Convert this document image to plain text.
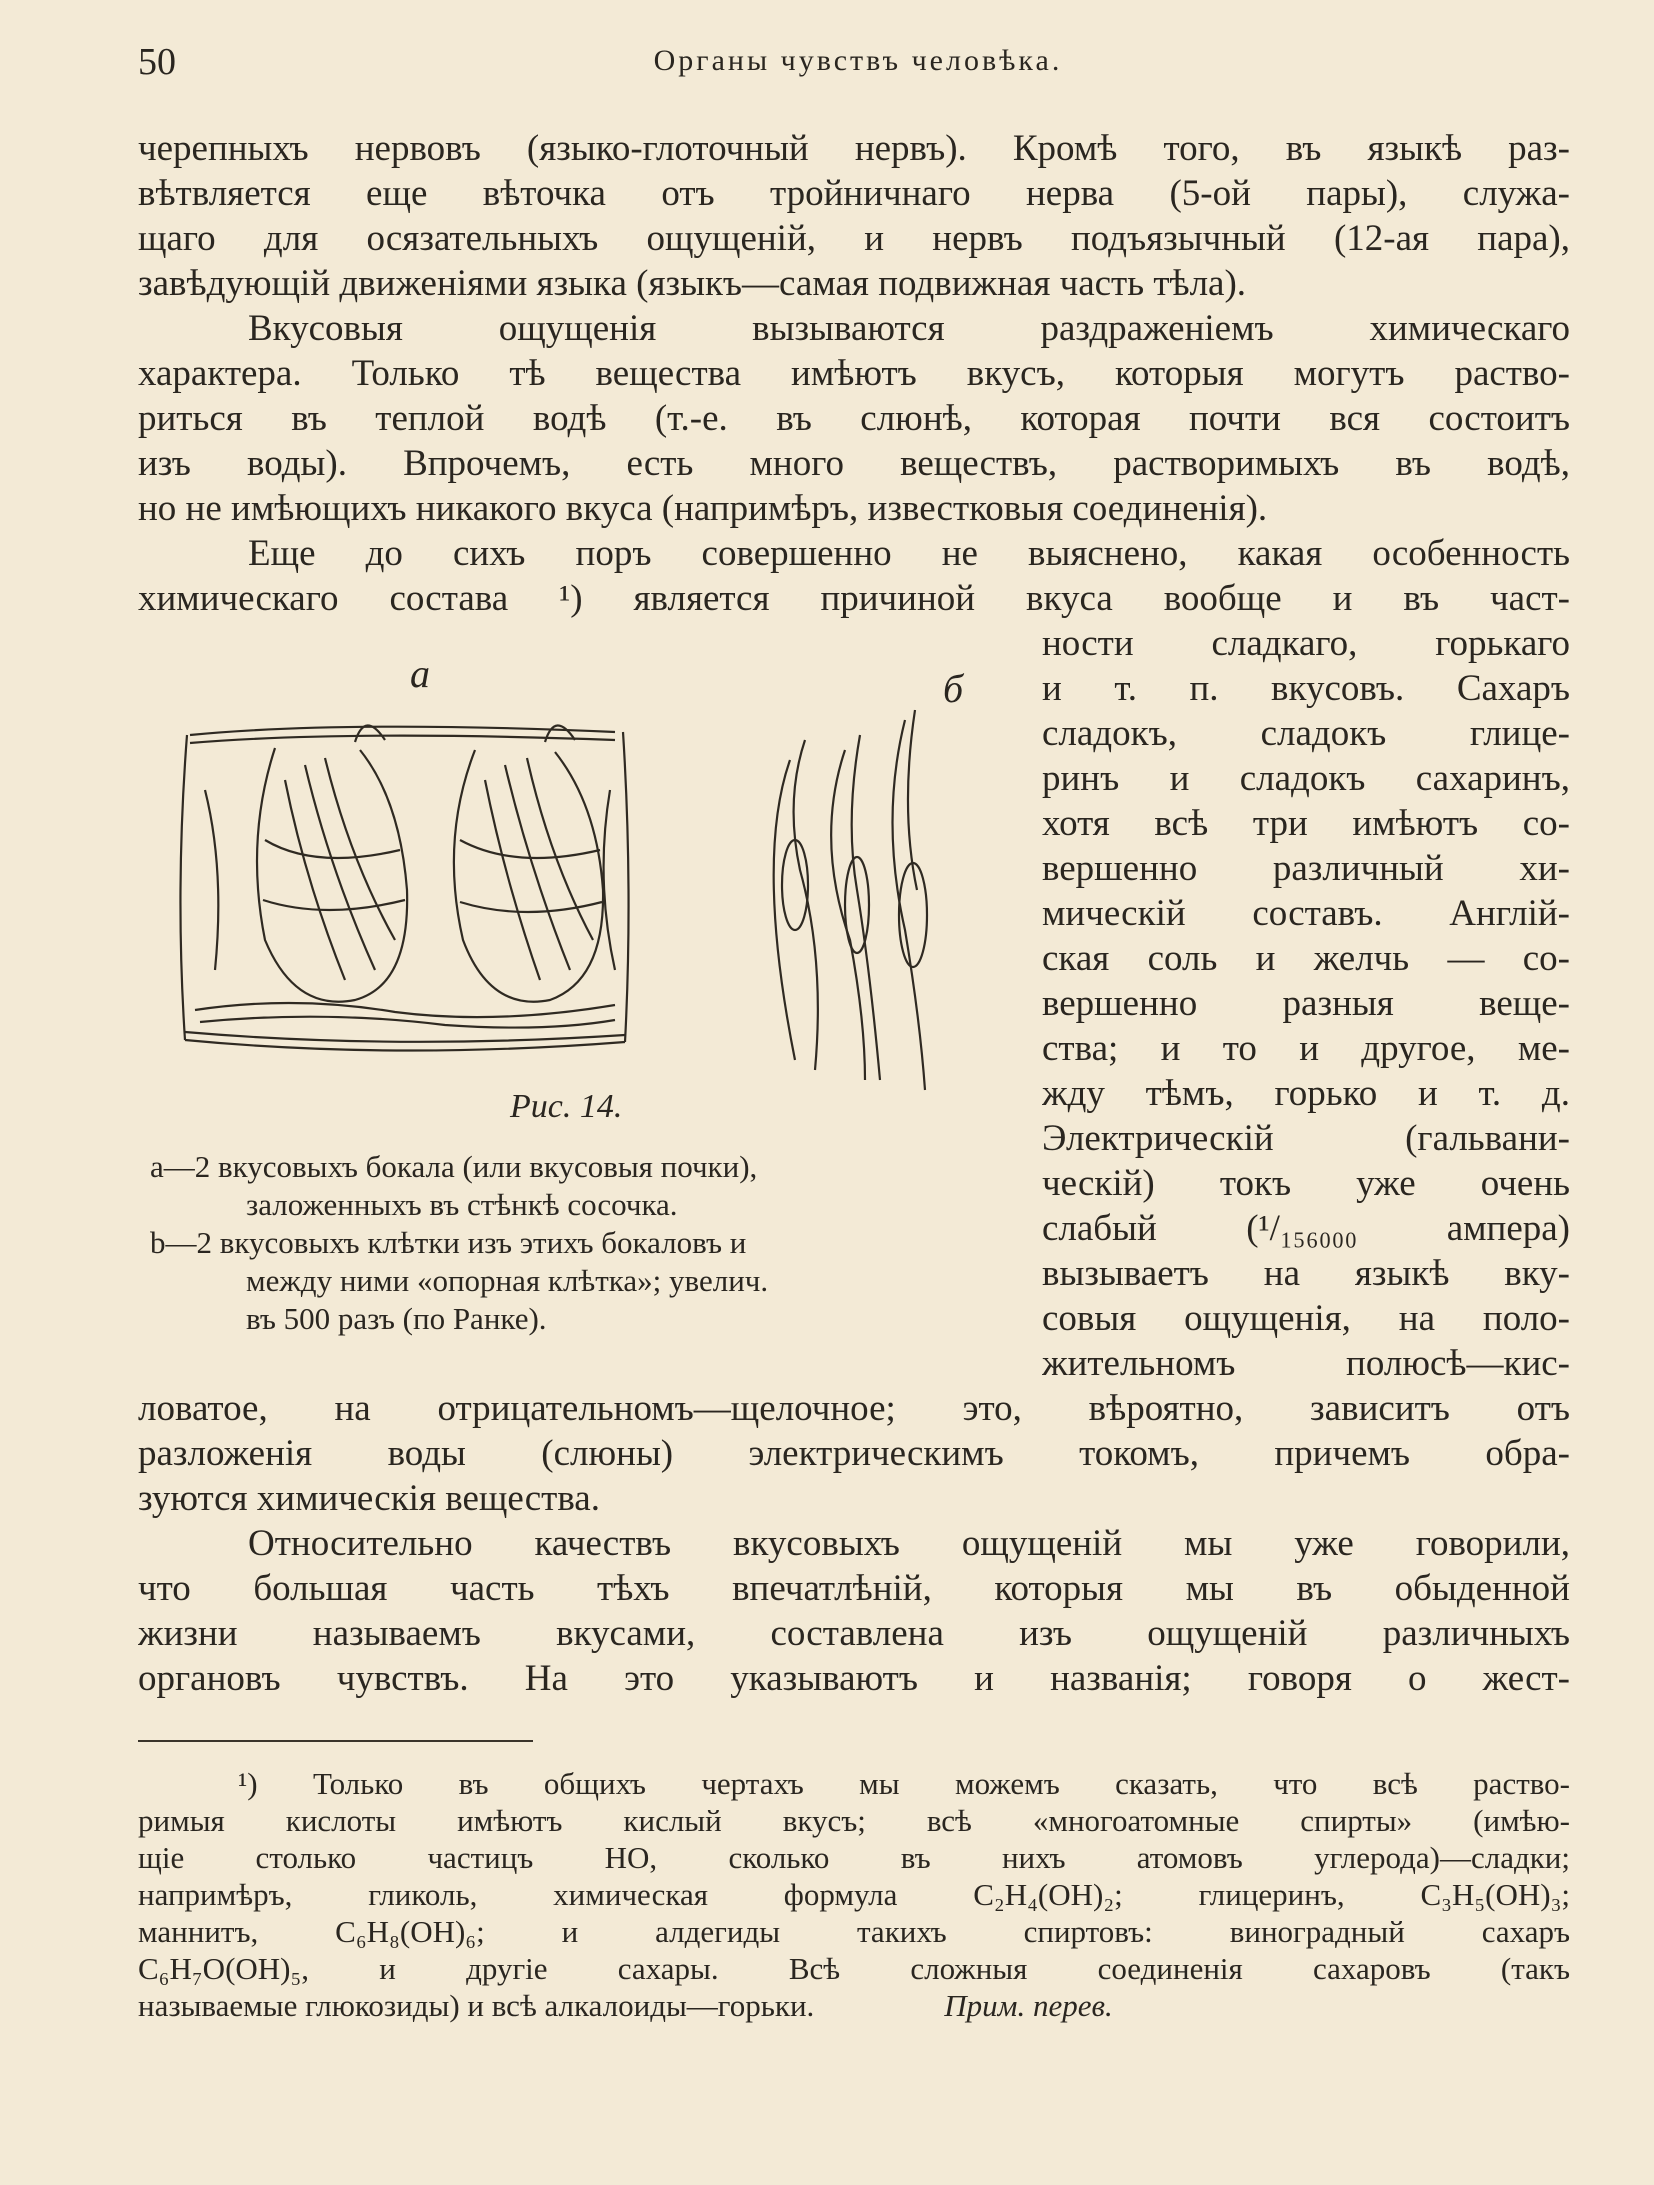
50	Органы чувствъ человѣка.
черепныхъ нервовъ (языко-глоточный нервъ). Кромѣ того, въ языкѣ раз-
вѣтвляется еще вѣточка отъ тройничнаго нерва (5-ой пары), служа-
щаго для осязательныхъ ощущеній, и нервъ подъязычный (12-ая пара),
завѣдующій движеніями языка (языкъ—самая подвижная часть тѣла).
Вкусовыя ощущенія вызываются раздраженіемъ химическаго
характера. Только тѣ вещества имѣютъ вкусъ, которыя могутъ раство-
риться въ теплой водѣ (т.-е. въ слюнѣ, которая почти вся состоитъ
изъ воды). Впрочемъ, есть много веществъ, растворимыхъ въ водѣ,
но не имѣющихъ никакого вкуса (напримѣръ, известковыя соединенія).
Еще до сихъ поръ совершенно не выяснено, какая особенность
химическаго состава ¹) является причиной вкуса вообще и въ част-
ности сладкаго, горькаго
и т. п. вкусовъ. Сахаръ
сладокъ, сладокъ глице-
ринъ и сладокъ сахаринъ,
хотя всѣ три имѣютъ со-
вершенно различный хи-
мическій составъ. Англій-
ская соль и желчь — со-
вершенно разныя веще-
ства; и то и другое, ме-
жду тѣмъ, горько и т. д.
Электрическій (гальвани-
ческій) токъ уже очень
слабый (¹/₁₅₆₀₀₀ ампера)
вызываетъ на языкѣ вку-
совыя ощущенія, на поло-
жительномъ полюсѣ—кис-
а	б
Рис. 14.
a—2 вкусовыхъ бокала (или вкусовыя почки),
заложенныхъ въ стѣнкѣ сосочка.
b—2 вкусовыхъ клѣтки изъ этихъ бокаловъ и
между ними «опорная клѣтка»; увелич.
въ 500 разъ (по Ранке).
ловатое, на отрицательномъ—щелочное; это, вѣроятно, зависитъ отъ
разложенія воды (слюны) электрическимъ токомъ, причемъ обра-
зуются химическія вещества.
Относительно качествъ вкусовыхъ ощущеній мы уже говорили,
что большая часть тѣхъ впечатлѣній, которыя мы въ обыденной
жизни называемъ вкусами, составлена изъ ощущеній различныхъ
органовъ чувствъ. На это указываютъ и названія; говоря о жест-
¹) Только въ общихъ чертахъ мы можемъ сказать, что всѣ раство-
римыя кислоты имѣютъ кислый вкусъ; всѣ «многоатомные спирты» (имѣю-
щіе столько частицъ НО, сколько въ нихъ атомовъ углерода)—сладки;
напримѣръ, гликоль, химическая формула C₂H₄(OH)₂; глицеринъ, C₃H₅(OH)₃;
маннитъ, C₆H₈(OH)₆; и алдегиды такихъ спиртовъ: виноградный сахаръ
C₆H₇O(OH)₅, и другіе сахары. Всѣ сложныя соединенія сахаровъ (такъ
называемые глюкозиды) и всѣ алкалоиды—горьки.	Прим. перев.
